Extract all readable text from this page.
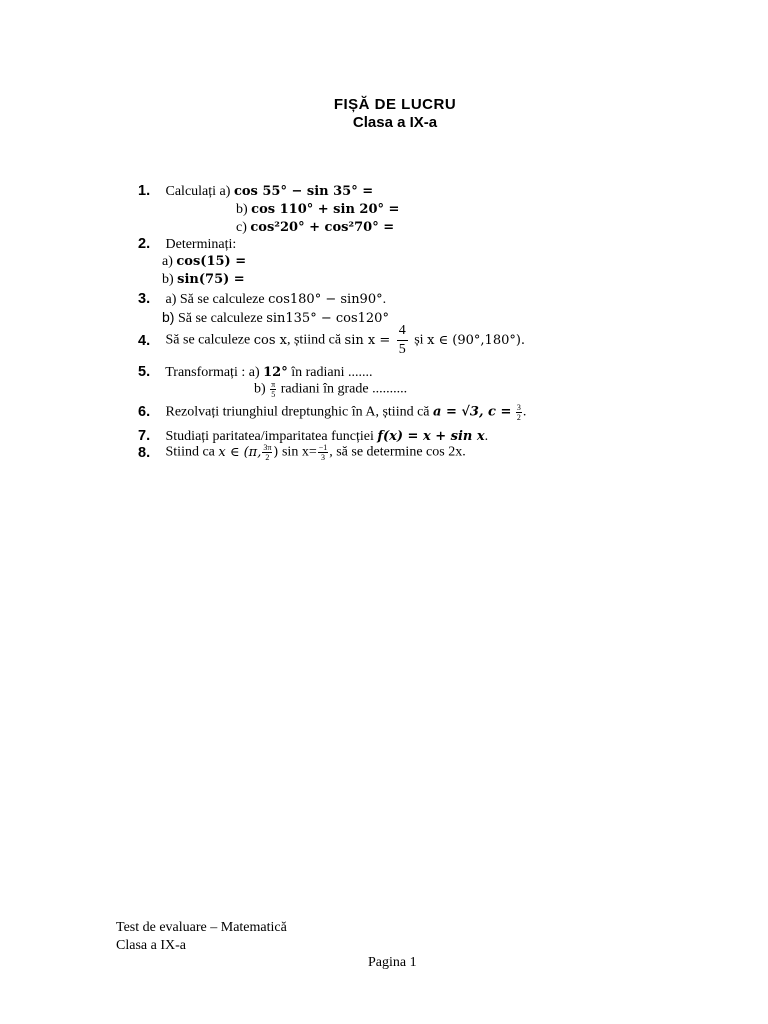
FIȘĂ DE LUCRU
Clasa a IX-a
1. Calculați a) cos 55° − sin 35° =
b) cos 110° + sin 20° =
c) cos²20° + cos²70° =
2. Determinați:
a) cos(15) =
b) sin(75) =
3. a) Să se calculeze cos180° − sin90°.
b) Să se calculeze sin135° − cos120°
4. Să se calculeze cos x, știind că $\sin x = \frac{4}{5}$ și x ∈ (90°,180°).
5. Transformați : a) 12° în radiani .......
$b) \frac{\pi}{5}$ radiani în grade ..........
6. Rezolvați triunghiul dreptunghic în A, știind că a = √3, $c = \frac{3}{2}$ .
7. Studiați paritatea/imparitatea funcției f(x) = x + sin x.
8. Stiind ca x ∈ (π, $\frac{3\pi}{2}$ ) $\sin x= \frac{-1}{3}$ , să se determine cos 2x.
Test de evaluare – Matematică
Clasa a IX-a
Pagina 1
